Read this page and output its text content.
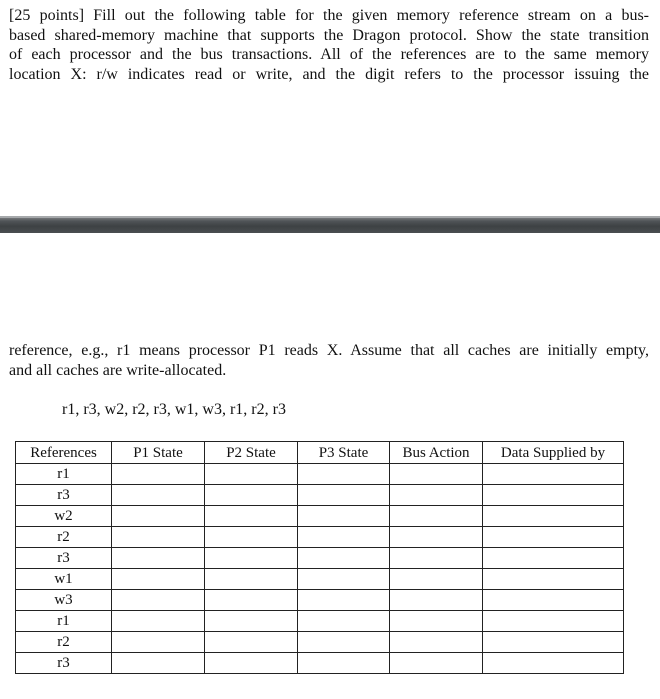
[25 points] Fill out the following table for the given memory reference stream on a bus-
based shared-memory machine that supports the Dragon protocol. Show the state transition
of each processor and the bus transactions. All of the references are to the same memory
location X: r/w indicates read or write, and the digit refers to the processor issuing the
reference, e.g., r1 means processor P1 reads X. Assume that all caches are initially empty,
and all caches are write-allocated.
r1, r3, w2, r2, r3, w1, w3, r1, r2, r3
References	P1 State	P2 State	P3 State	Bus Action	Data Supplied by
r1					
r3					
w2					
r2					
r3					
w1					
w3					
r1					
r2					
r3					
